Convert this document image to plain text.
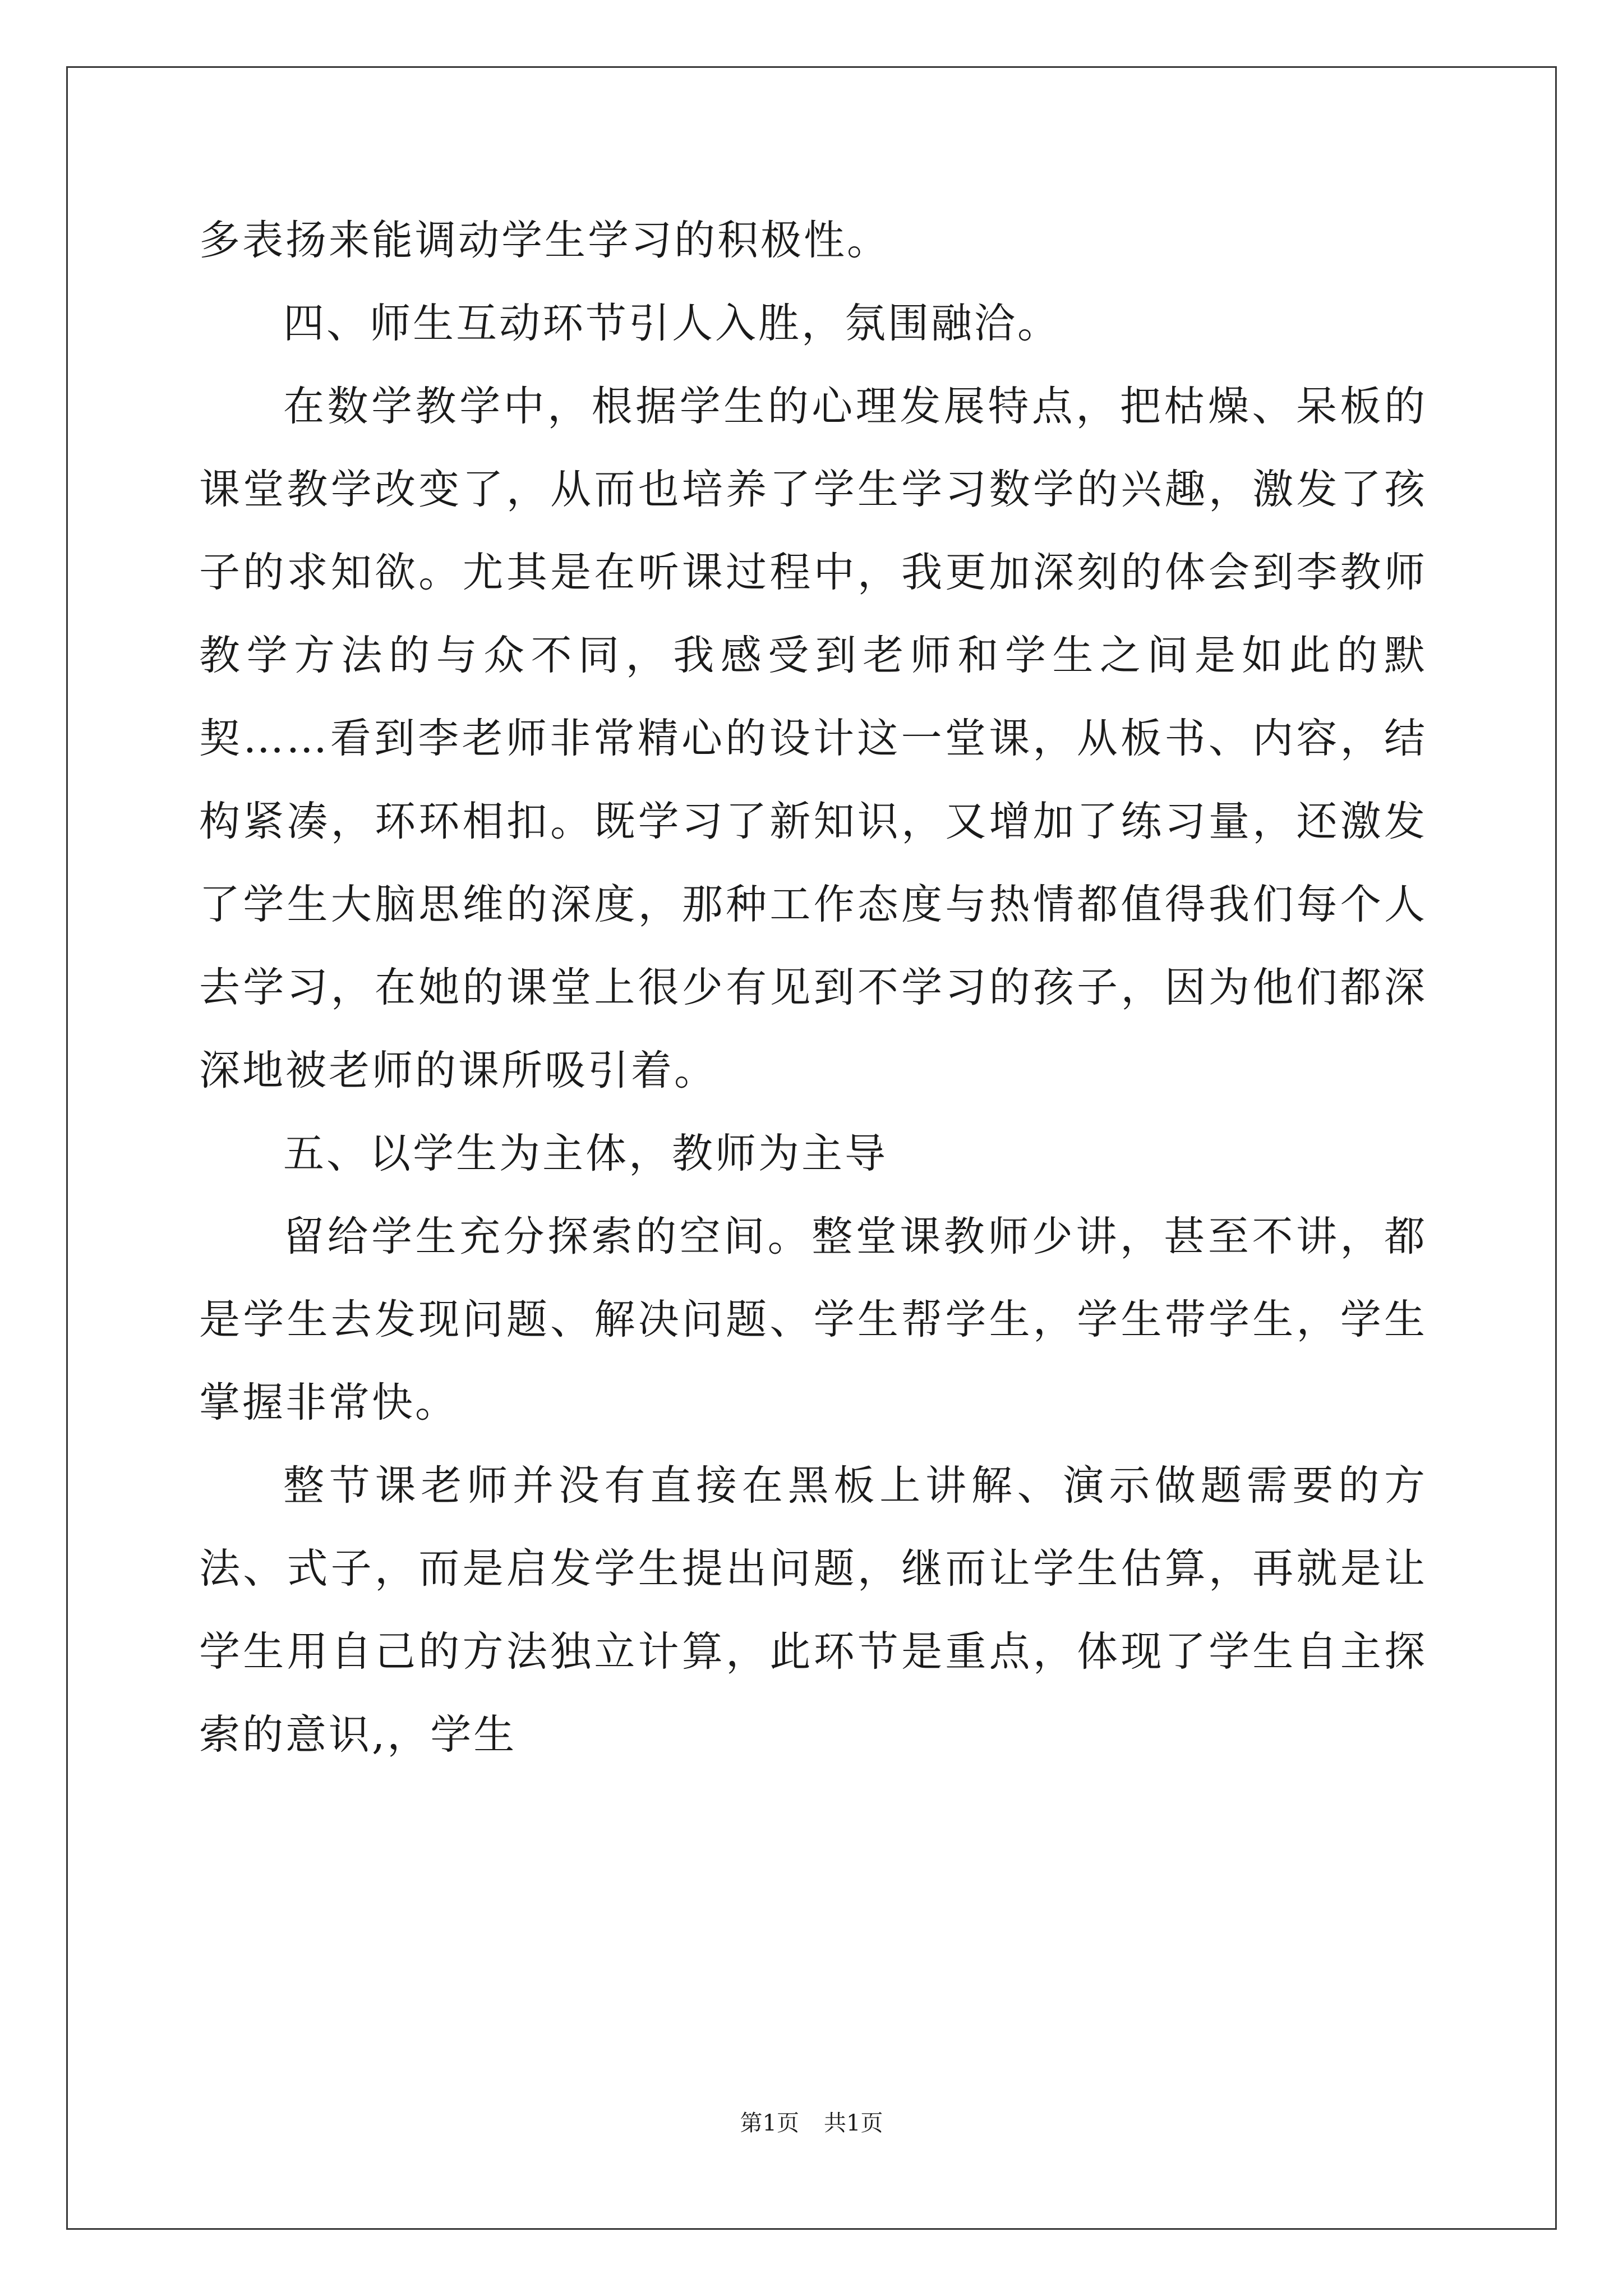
多表扬来能调动学生学习的积极性。

四、师生互动环节引人入胜，氛围融洽。

在数学教学中，根据学生的心理发展特点，把枯燥、呆板的课堂教学改变了，从而也培养了学生学习数学的兴趣，激发了孩子的求知欲。尤其是在听课过程中，我更加深刻的体会到李教师教学方法的与众不同，我感受到老师和学生之间是如此的默契……看到李老师非常精心的设计这一堂课，从板书、内容，结构紧凑，环环相扣。既学习了新知识，又增加了练习量，还激发了学生大脑思维的深度，那种工作态度与热情都值得我们每个人去学习，在她的课堂上很少有见到不学习的孩子，因为他们都深深地被老师的课所吸引着。

五、以学生为主体，教师为主导

留给学生充分探索的空间。整堂课教师少讲，甚至不讲，都是学生去发现问题、解决问题、学生帮学生，学生带学生，学生掌握非常快。

整节课老师并没有直接在黑板上讲解、演示做题需要的方法、式子，而是启发学生提出问题，继而让学生估算，再就是让学生用自己的方法独立计算，此环节是重点，体现了学生自主探索的意识,，学生

第1页 共1页
